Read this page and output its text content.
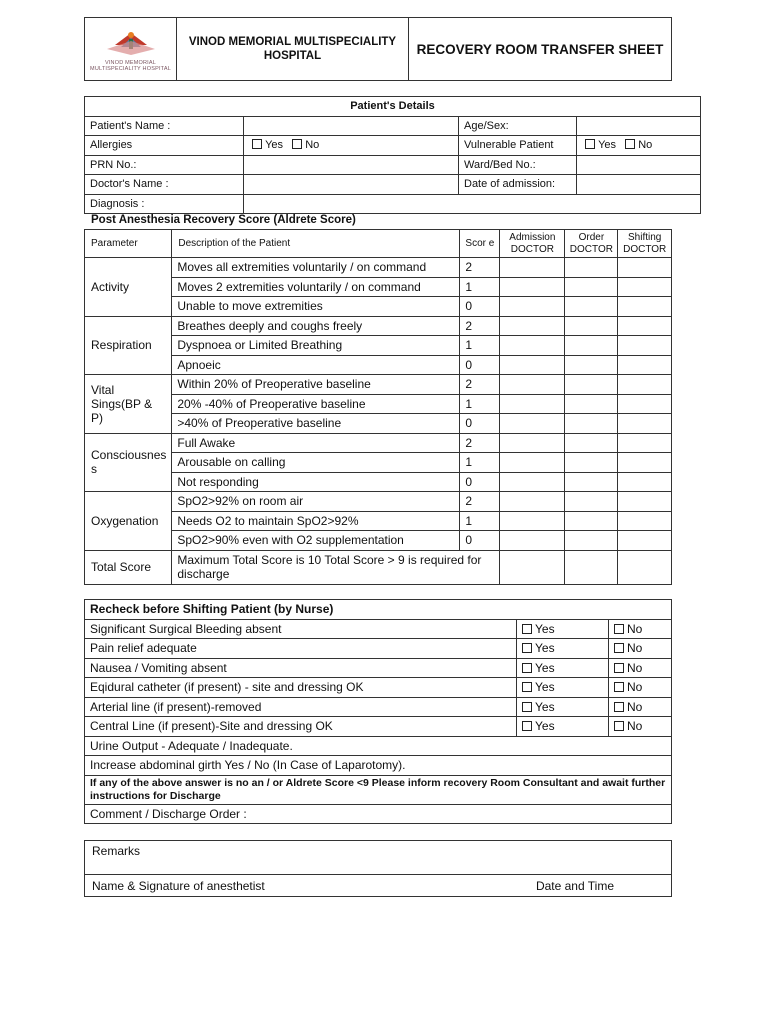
VINOD MEMORIAL
MULTISPECIALITY HOSPITAL

VINOD MEMORIAL MULTISPECIALITY
HOSPITAL	RECOVERY ROOM TRANSFER SHEET
Patient's Details			
Patient's Name :		Age/Sex:	
Allergies	Yes No	Vulnerable Patient	Yes No
PRN No.:		Ward/Bed No.:	
Doctor's Name :		Date of admission:	
Diagnosis :			
Post Anesthesia Recovery Score (Aldrete Score)
Parameter	Description of the Patient	Scor e	Admission DOCTOR	Order DOCTOR	Shifting DOCTOR
Activity	Moves all extremities voluntarily / on command	2			
	Moves 2 extremities voluntarily / on command	1			
	Unable to move extremities	0			
Respiration	Breathes deeply and coughs freely	2			
	Dyspnoea or Limited Breathing	1			
	Apnoeic	0			
Vital Sings(BP & P)	Within 20% of Preoperative baseline	2			
	20% -40% of Preoperative baseline	1			
	>40% of Preoperative baseline	0			
Consciousnes s	Full Awake	2			
	Arousable on calling	1			
	Not responding	0			
Oxygenation	SpO2>92% on room air	2			
	Needs O2 to maintain SpO2>92%	1			
	SpO2>90% even with O2 supplementation	0			
Total Score	Maximum Total Score is 10 Total Score > 9 is required for discharge				
Recheck before Shifting Patient (by Nurse)		
Significant Surgical Bleeding absent	Yes	No
Pain relief adequate	Yes	No
Nausea / Vomiting absent	Yes	No
Eqidural catheter (if present) - site and dressing OK	Yes	No
Arterial line (if present)-removed	Yes	No
Central Line (if present)-Site and dressing OK	Yes	No
Urine Output - Adequate / Inadequate.		
Increase abdominal girth Yes / No (In Case of Laparotomy).		
If any of the above answer is no an / or Aldrete Score <9 Please inform recovery Room Consultant and await further instructions for Discharge		
Comment / Discharge Order :		
Remarks

Name & Signature of anesthetist	Date and Time
